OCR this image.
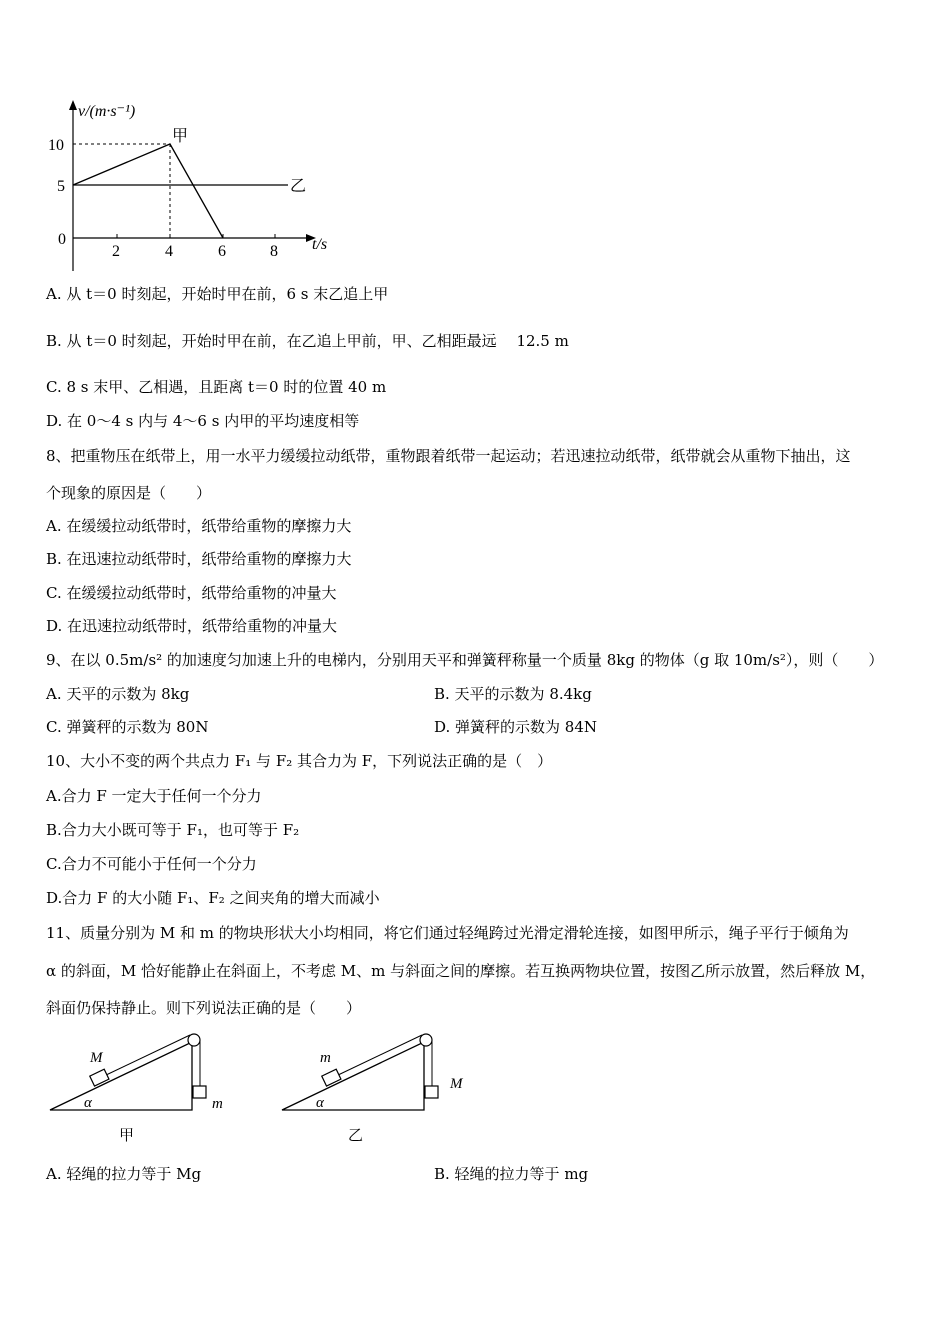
v/(m·s⁻¹)
10
5
0
2	4	6	8 t/s
甲
乙
A. 从 t＝0 时刻起，开始时甲在前，6 s 末乙追上甲
B. 从 t＝0 时刻起，开始时甲在前，在乙追上甲前，甲、乙相距最远　 12.5 m
C. 8 s 末甲、乙相遇，且距离 t＝0 时的位置 40 m
D. 在 0～4 s 内与 4～6 s 内甲的平均速度相等
8、把重物压在纸带上，用一水平力缓缓拉动纸带，重物跟着纸带一起运动；若迅速拉动纸带，纸带就会从重物下抽出，这
个现象的原因是（　　）
A. 在缓缓拉动纸带时，纸带给重物的摩擦力大
B. 在迅速拉动纸带时，纸带给重物的摩擦力大
C. 在缓缓拉动纸带时，纸带给重物的冲量大
D. 在迅速拉动纸带时，纸带给重物的冲量大
9、在以 0.5m/s² 的加速度匀加速上升的电梯内，分别用天平和弹簧秤称量一个质量 8kg 的物体（g 取 10m/s²），则（　　）
A. 天平的示数为 8kg	B. 天平的示数为 8.4kg
C. 弹簧秤的示数为 80N	D. 弹簧秤的示数为 84N
10、大小不变的两个共点力 F₁ 与 F₂ 其合力为 F，下列说法正确的是（　）
A.合力 F 一定大于任何一个分力
B.合力大小既可等于 F₁，也可等于 F₂
C.合力不可能小于任何一个分力
D.合力 F 的大小随 F₁、F₂ 之间夹角的增大而减小
11、质量分别为 M 和 m 的物块形状大小均相同，将它们通过轻绳跨过光滑定滑轮连接，如图甲所示，绳子平行于倾角为
α 的斜面，M 恰好能静止在斜面上，不考虑 M、m 与斜面之间的摩擦。若互换两物块位置，按图乙所示放置，然后释放 M，
斜面仍保持静止。则下列说法正确的是（　　）
M
m
α
甲
m
M
α
乙
A. 轻绳的拉力等于 Mg	B. 轻绳的拉力等于 mg
